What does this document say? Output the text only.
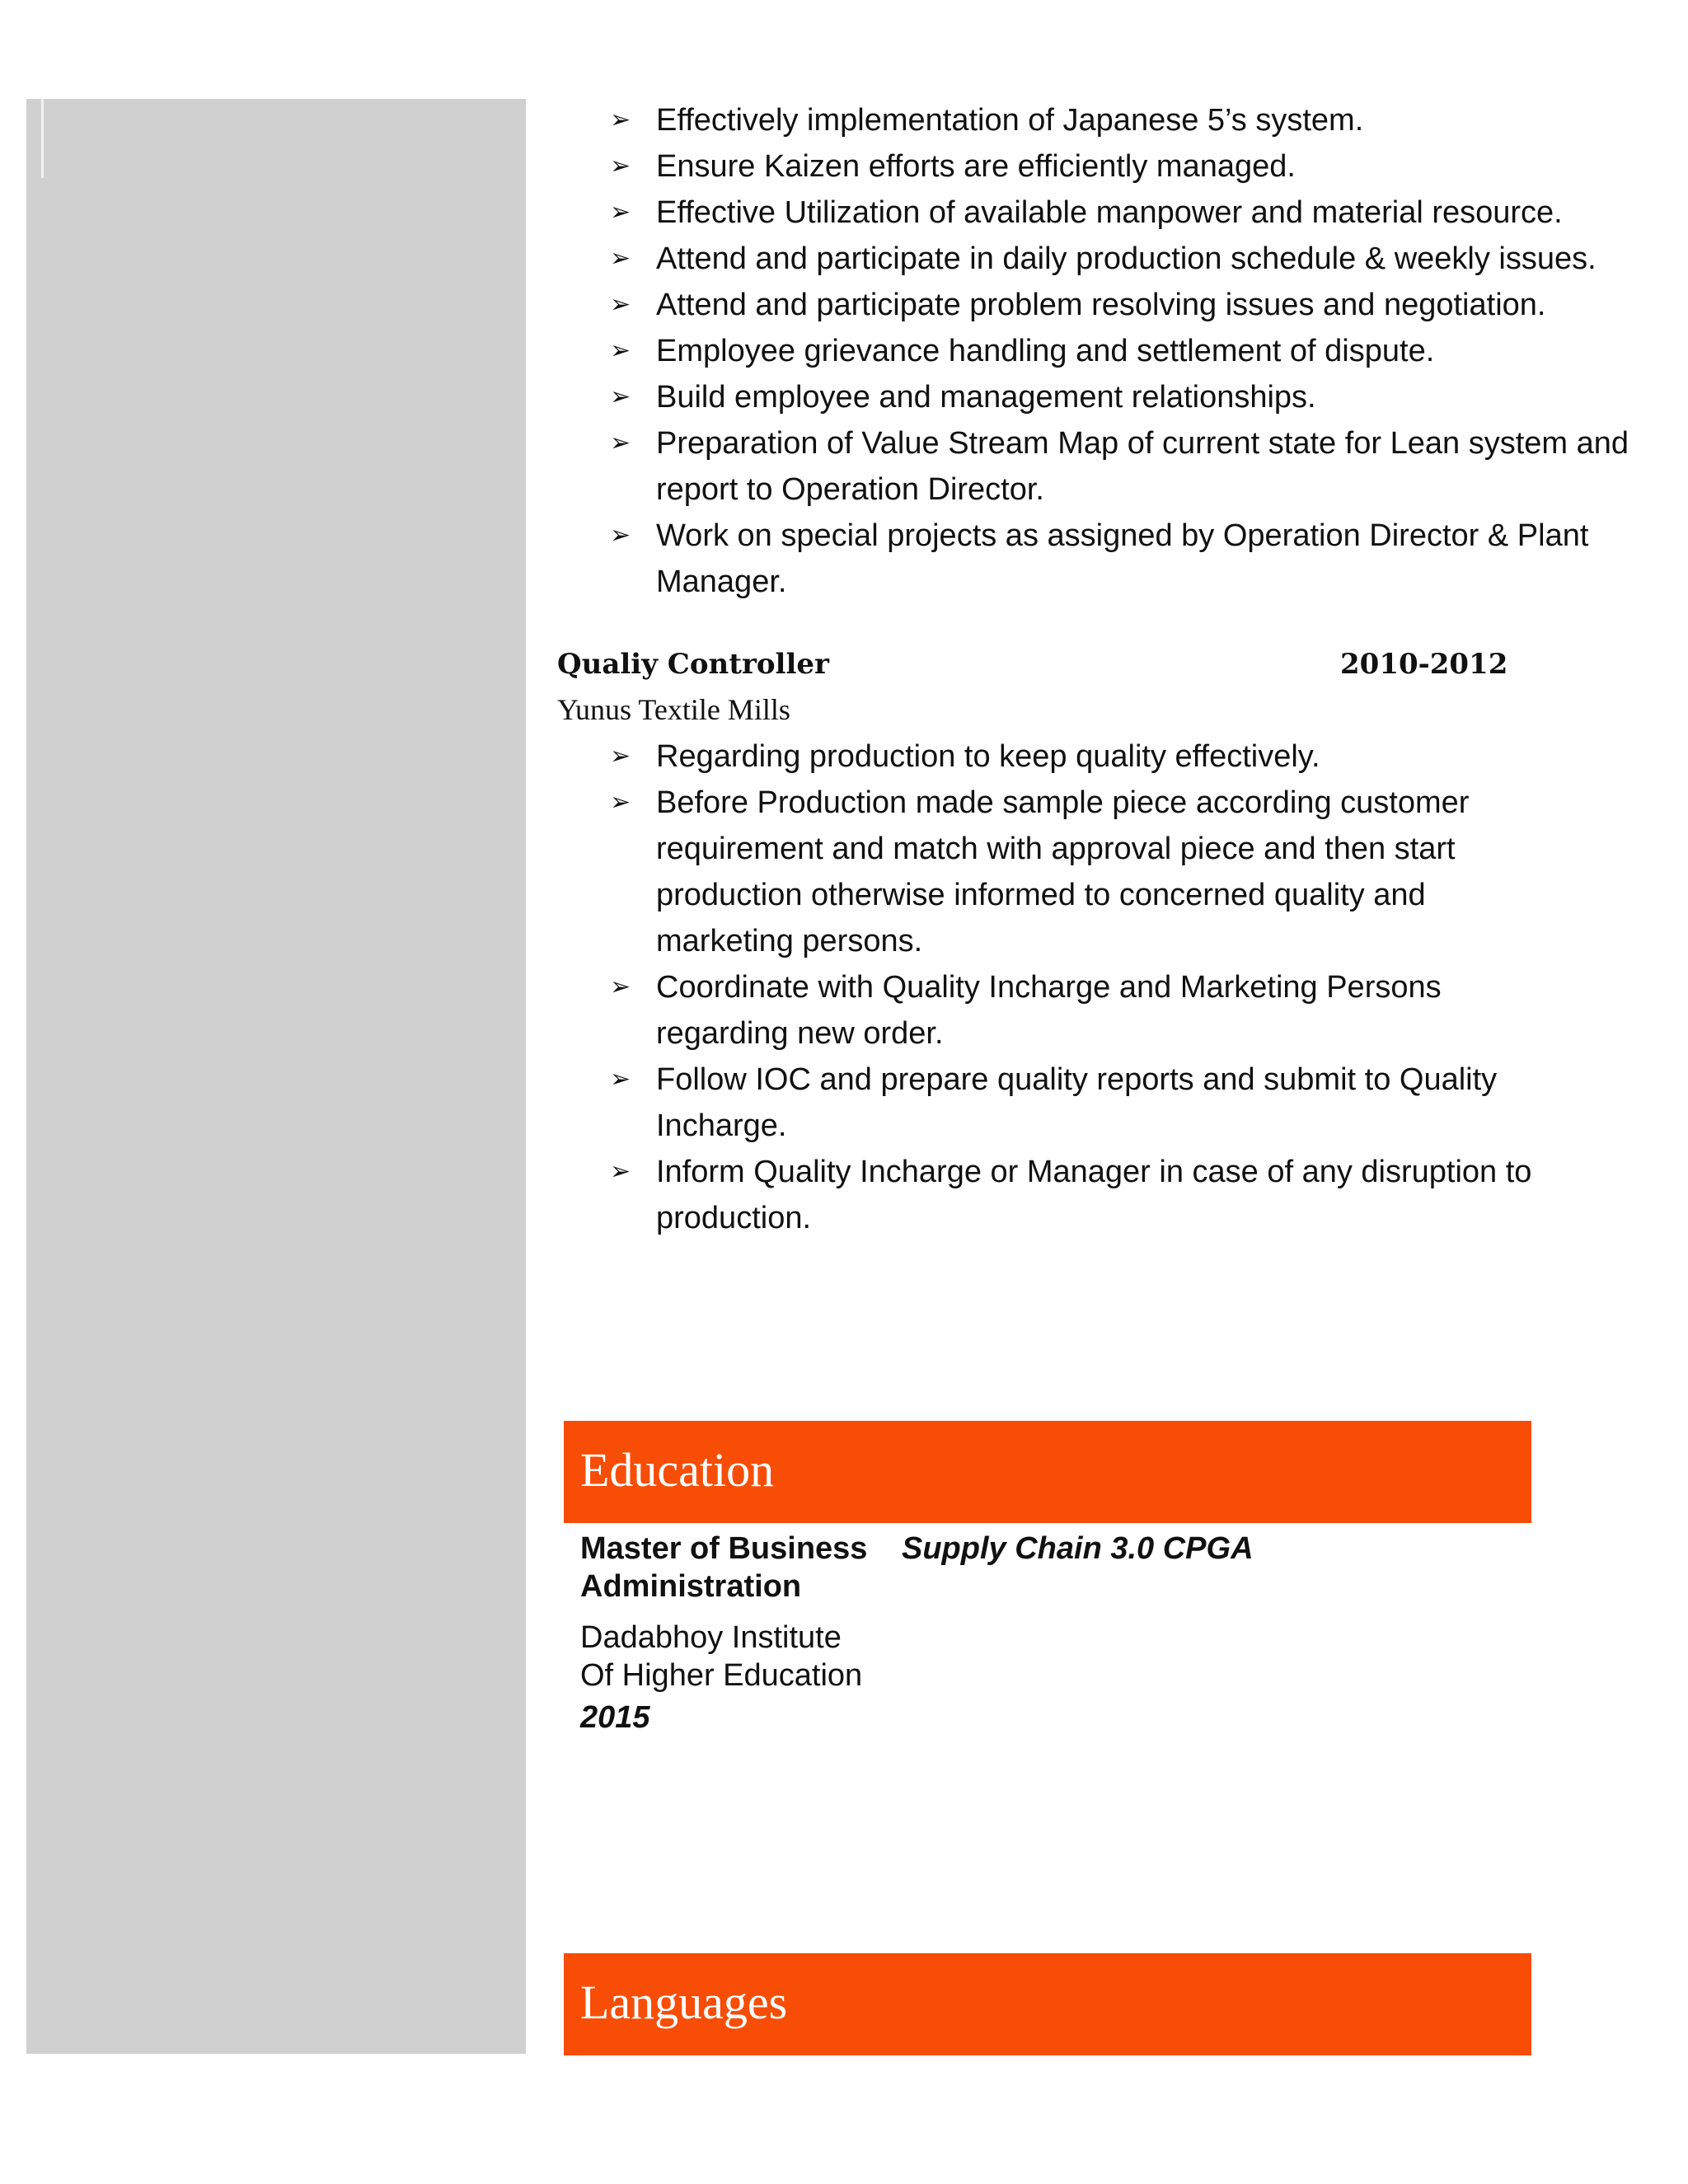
➢ Effectively implementation of Japanese 5’s system.
➢ Ensure Kaizen efforts are efficiently managed.
➢ Effective Utilization of available manpower and material resource.
➢ Attend and participate in daily production schedule & weekly issues.
➢ Attend and participate problem resolving issues and negotiation.
➢ Employee grievance handling and settlement of dispute.
➢ Build employee and management relationships.
➢ Preparation of Value Stream Map of current state for Lean system and report to Operation Director.
➢ Work on special projects as assigned by Operation Director & Plant Manager.
Qualiy Controller	2010-2012
Yunus Textile Mills
➢ Regarding production to keep quality effectively.
➢ Before Production made sample piece according customer requirement and match with approval piece and then start production otherwise informed to concerned quality and marketing persons.
➢ Coordinate with Quality Incharge and Marketing Persons regarding new order.
➢ Follow IOC and prepare quality reports and submit to Quality Incharge.
➢ Inform Quality Incharge or Manager in case of any disruption to production.
Education
Master of Business Administration
Dadabhoy Institute Of Higher Education
2015
Supply Chain 3.0 CPGA
Languages
